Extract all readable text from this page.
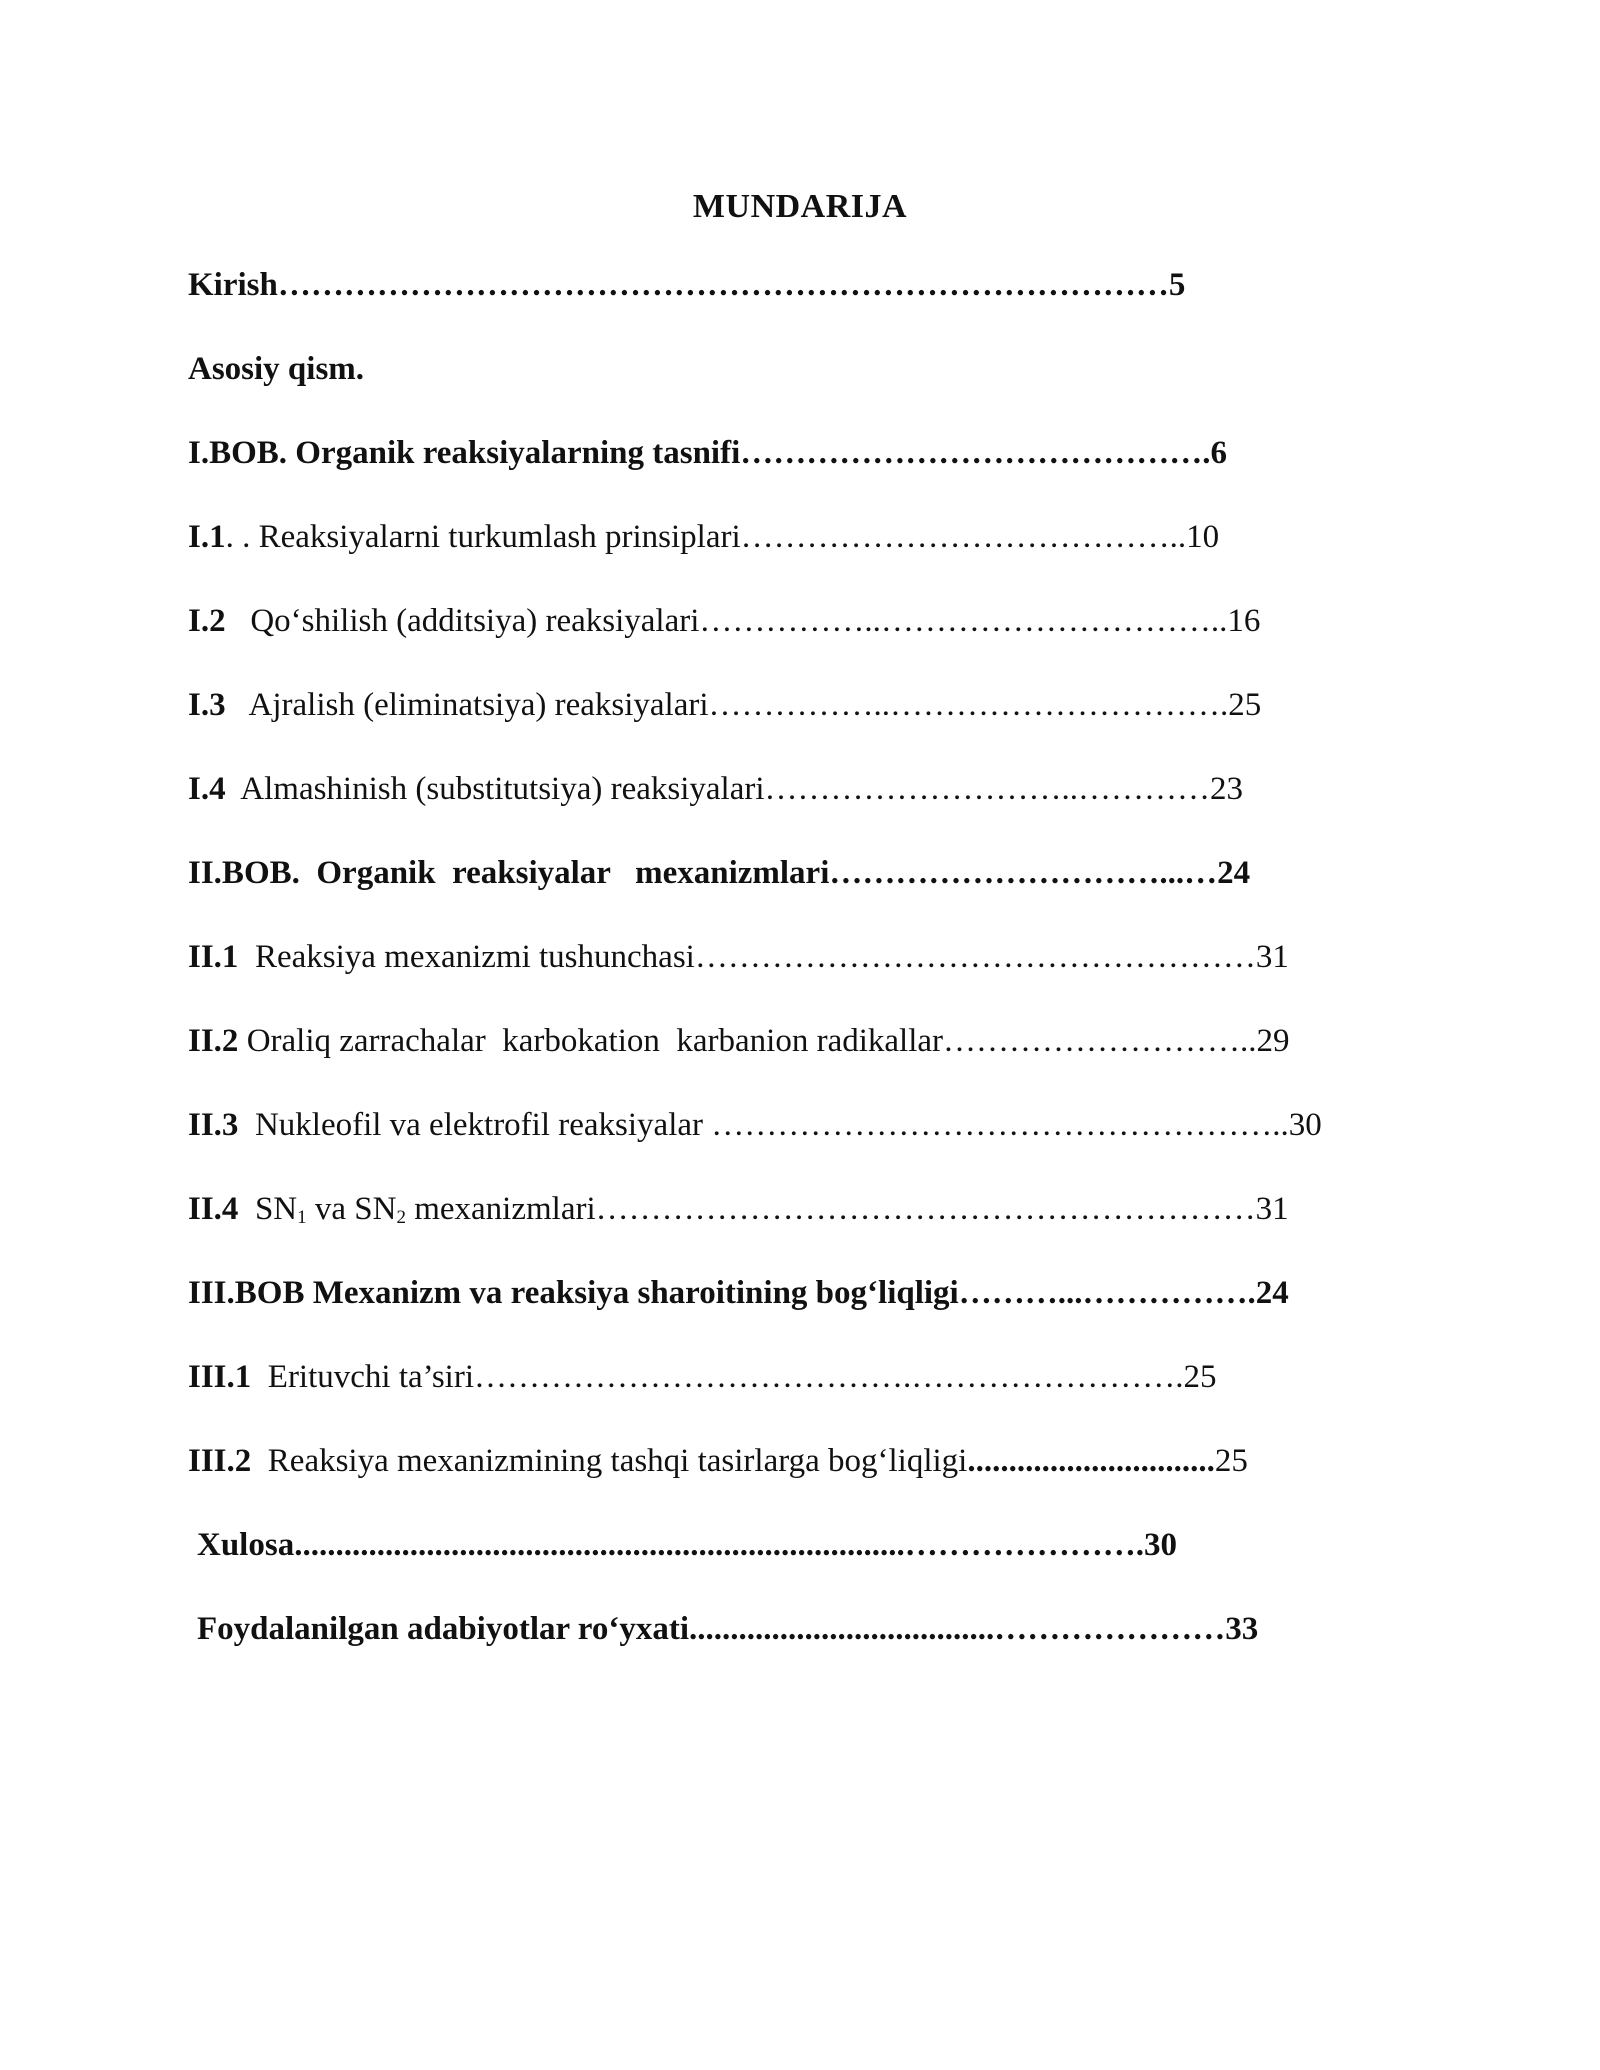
MUNDARIJA
Kirish………………………………………………………………………5
Asosiy qism.
I.BOB. Organik reaksiyalarning tasnifi…………………………………….6
I.1. . Reaksiyalarni turkumlash prinsiplari…………………………………..10
I.2   Qo‘shilish (additsiya) reaksiyalari……………..…………………………..16
I.3   Ajralish (eliminatsiya) reaksiyalari……………..………………………….25
I.4  Almashinish (substitutsiya) reaksiyalari………………………..…………23
II.BOB.  Organik  reaksiyalar   mexanizmlari…………………………...…24
II.1  Reaksiya mexanizmi tushunchasi……………………………………………31
II.2 Oraliq zarrachalar  karbokation  karbanion radikallar………………………..29
II.3  Nukleofil va elektrofil reaksiyalar ……………………………………………..30
II.4  $SN_1$ va $SN_2$ mexanizmlari……………………………………………………31
III.BOB Mexanizm va reaksiya sharoitining bog‘liqligi………...…………….24
III.1  Erituvchi ta’siri………………………………….…………………….25
III.2  Reaksiya mexanizmining tashqi tasirlarga bog‘liqligi..............................25
Xulosa..........................................................................………………….30
Foydalanilgan adabiyotlar ro‘yxati.....................................…………………33
